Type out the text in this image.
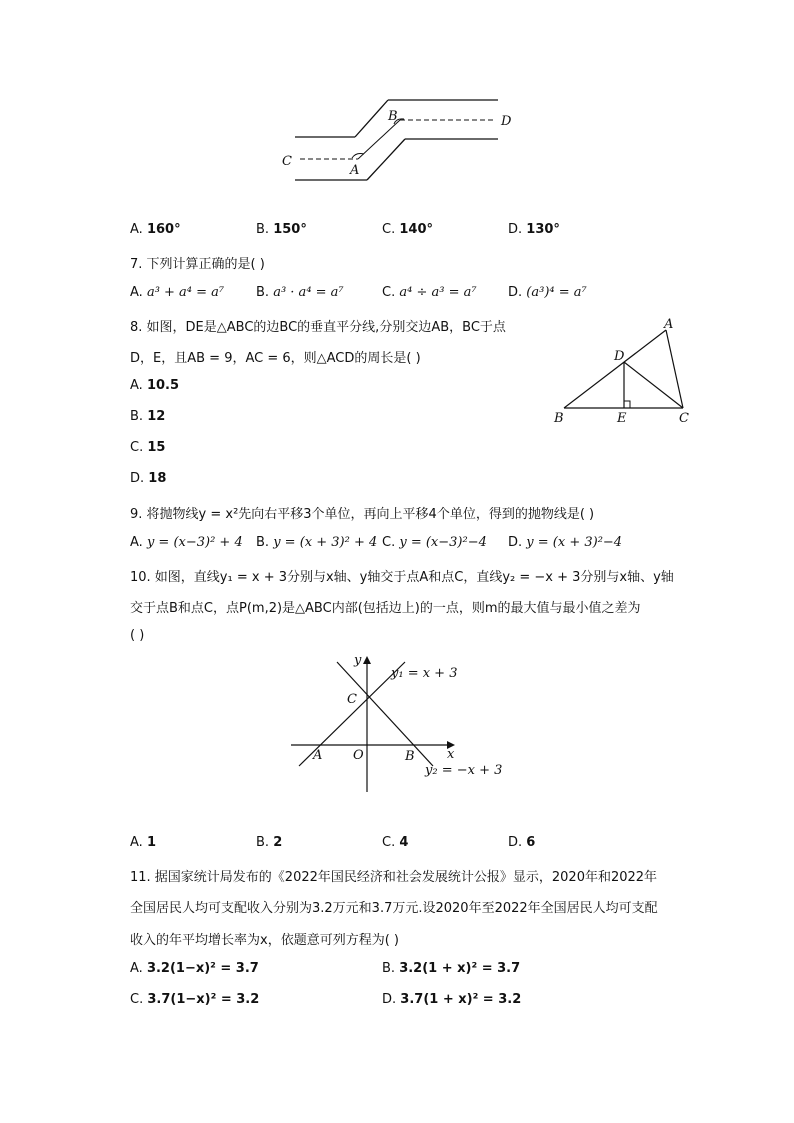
A
B
C
D
A. 160°	B. 150°	C. 140°	D. 130°
7. 下列计算正确的是( )
A. a³ + a⁴ = a⁷ B. a³ · a⁴ = a⁷	C. a⁴ ÷ a³ = a⁷ D. (a³)⁴ = a⁷
8. 如图，DE是△ABC的边BC的垂直平分线,分别交边AB，BC于点
D，E，且AB = 9，AC = 6，则△ACD的周长是( )
A. 10.5
B. 12
C. 15
D. 18
A
D
B	E	C
9. 将抛物线y = x²先向右平移3个单位，再向上平移4个单位，得到的抛物线是( )
A. y = (x−3)² + 4 B. y = (x + 3)² + 4 C. y = (x−3)²−4 D. y = (x + 3)²−4
10. 如图，直线y₁ = x + 3分别与x轴、y轴交于点A和点C，直线y₂ = −x + 3分别与x轴、y轴
交于点B和点C，点P(m,2)是△ABC内部(包括边上)的一点，则m的最大值与最小值之差为
( )
y
x
y₁ = x + 3
y₂ = −x + 3
C
A O	B
A. 1	B. 2	C. 4	D. 6
11. 据国家统计局发布的《2022年国民经济和社会发展统计公报》显示，2020年和2022年
全国居民人均可支配收入分别为3.2万元和3.7万元.设2020年至2022年全国居民人均可支配
收入的年平均增长率为x，依题意可列方程为( )
A. 3.2(1−x)² = 3.7	B. 3.2(1 + x)² = 3.7
C. 3.7(1−x)² = 3.2	D. 3.7(1 + x)² = 3.2
